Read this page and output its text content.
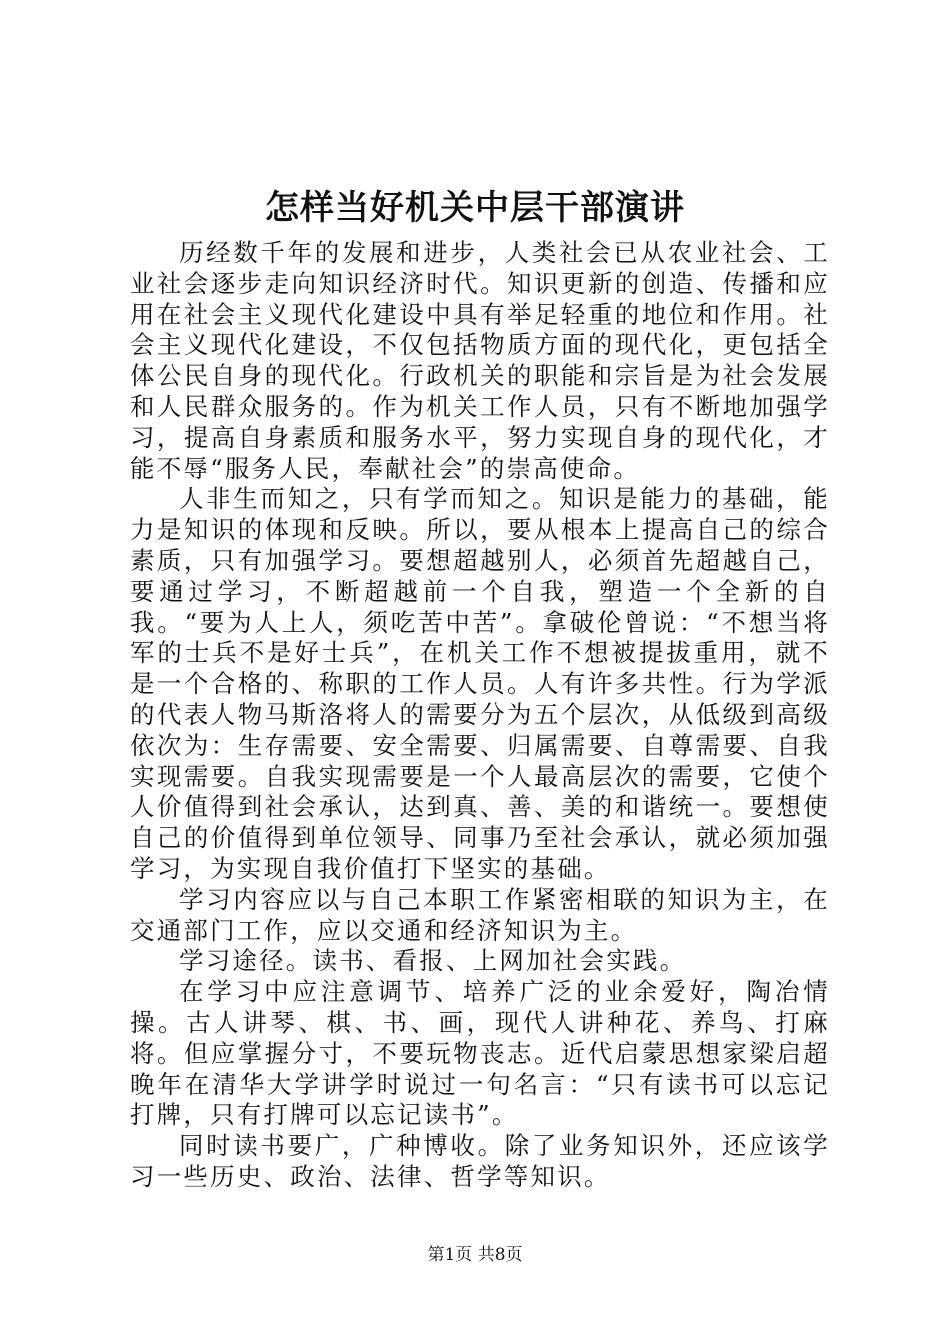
怎样当好机关中层干部演讲

历经数千年的发展和进步，人类社会已从农业社会、工业社会逐步走向知识经济时代。知识更新的创造、传播和应用在社会主义现代化建设中具有举足轻重的地位和作用。社会主义现代化建设，不仅包括物质方面的现代化，更包括全体公民自身的现代化。行政机关的职能和宗旨是为社会发展和人民群众服务的。作为机关工作人员，只有不断地加强学习，提高自身素质和服务水平，努力实现自身的现代化，才能不辱“服务人民，奉献社会”的崇高使命。

人非生而知之，只有学而知之。知识是能力的基础，能力是知识的体现和反映。所以，要从根本上提高自己的综合素质，只有加强学习。要想超越别人，必须首先超越自己，要通过学习，不断超越前一个自我，塑造一个全新的自我。“要为人上人，须吃苦中苦”。拿破伦曾说：“不想当将军的士兵不是好士兵”，在机关工作不想被提拔重用，就不是一个合格的、称职的工作人员。人有许多共性。行为学派的代表人物马斯洛将人的需要分为五个层次，从低级到高级依次为：生存需要、安全需要、归属需要、自尊需要、自我实现需要。自我实现需要是一个人最高层次的需要，它使个人价值得到社会承认，达到真、善、美的和谐统一。要想使自己的价值得到单位领导、同事乃至社会承认，就必须加强学习，为实现自我价值打下坚实的基础。

学习内容应以与自己本职工作紧密相联的知识为主，在交通部门工作，应以交通和经济知识为主。

学习途径。读书、看报、上网加社会实践。

在学习中应注意调节、培养广泛的业余爱好，陶冶情操。古人讲琴、棋、书、画，现代人讲种花、养鸟、打麻将。但应掌握分寸，不要玩物丧志。近代启蒙思想家梁启超晚年在清华大学讲学时说过一句名言：“只有读书可以忘记打牌，只有打牌可以忘记读书”。

同时读书要广，广种博收。除了业务知识外，还应该学习一些历史、政治、法律、哲学等知识。

第1页 共8页
